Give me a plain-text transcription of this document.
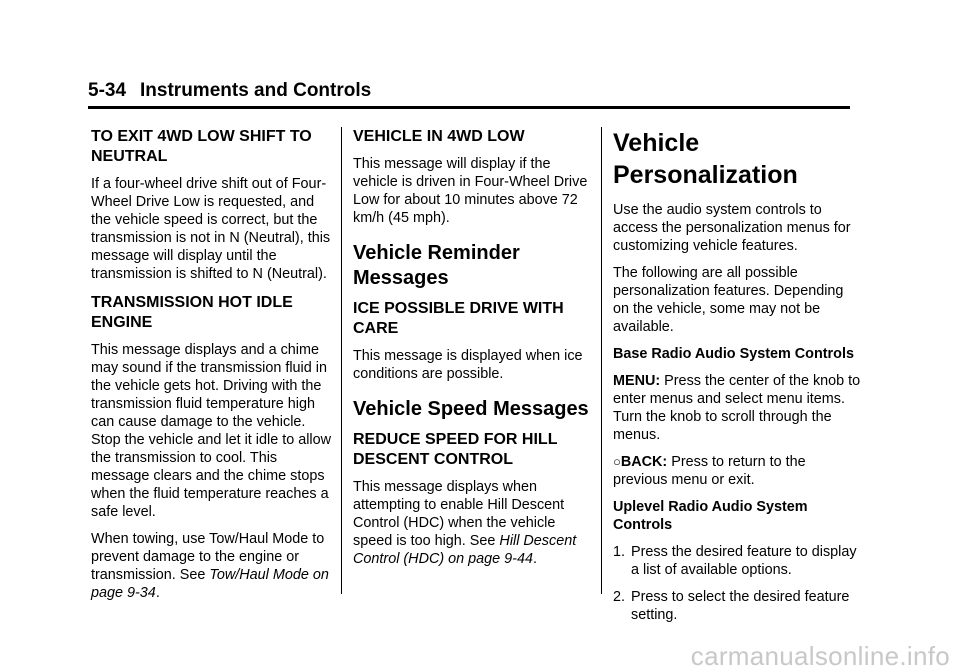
5-34 Instruments and Controls
TO EXIT 4WD LOW SHIFT TO NEUTRAL

If a four-wheel drive shift out of Four-Wheel Drive Low is requested, and the vehicle speed is correct, but the transmission is not in N (Neutral), this message will display until the transmission is shifted to N (Neutral).

TRANSMISSION HOT IDLE ENGINE

This message displays and a chime may sound if the transmission fluid in the vehicle gets hot. Driving with the transmission fluid temperature high can cause damage to the vehicle. Stop the vehicle and let it idle to allow the transmission to cool. This message clears and the chime stops when the fluid temperature reaches a safe level.

When towing, use Tow/Haul Mode to prevent damage to the engine or transmission. See Tow/Haul Mode on page 9-34.

VEHICLE IN 4WD LOW

This message will display if the vehicle is driven in Four-Wheel Drive Low for about 10 minutes above 72 km/h (45 mph).

Vehicle Reminder Messages
ICE POSSIBLE DRIVE WITH CARE

This message is displayed when ice conditions are possible.

Vehicle Speed Messages
REDUCE SPEED FOR HILL DESCENT CONTROL

This message displays when attempting to enable Hill Descent Control (HDC) when the vehicle speed is too high. See Hill Descent Control (HDC) on page 9-44.

Vehicle Personalization

Use the audio system controls to access the personalization menus for customizing vehicle features.

The following are all possible personalization features. Depending on the vehicle, some may not be available.

Base Radio Audio System Controls

MENU: Press the center of the knob to enter menus and select menu items. Turn the knob to scroll through the menus.

○BACK: Press to return to the previous menu or exit.

Uplevel Radio Audio System Controls

1. Press the desired feature to display a list of available options.
2. Press to select the desired feature setting.
carmanualsonline.info
